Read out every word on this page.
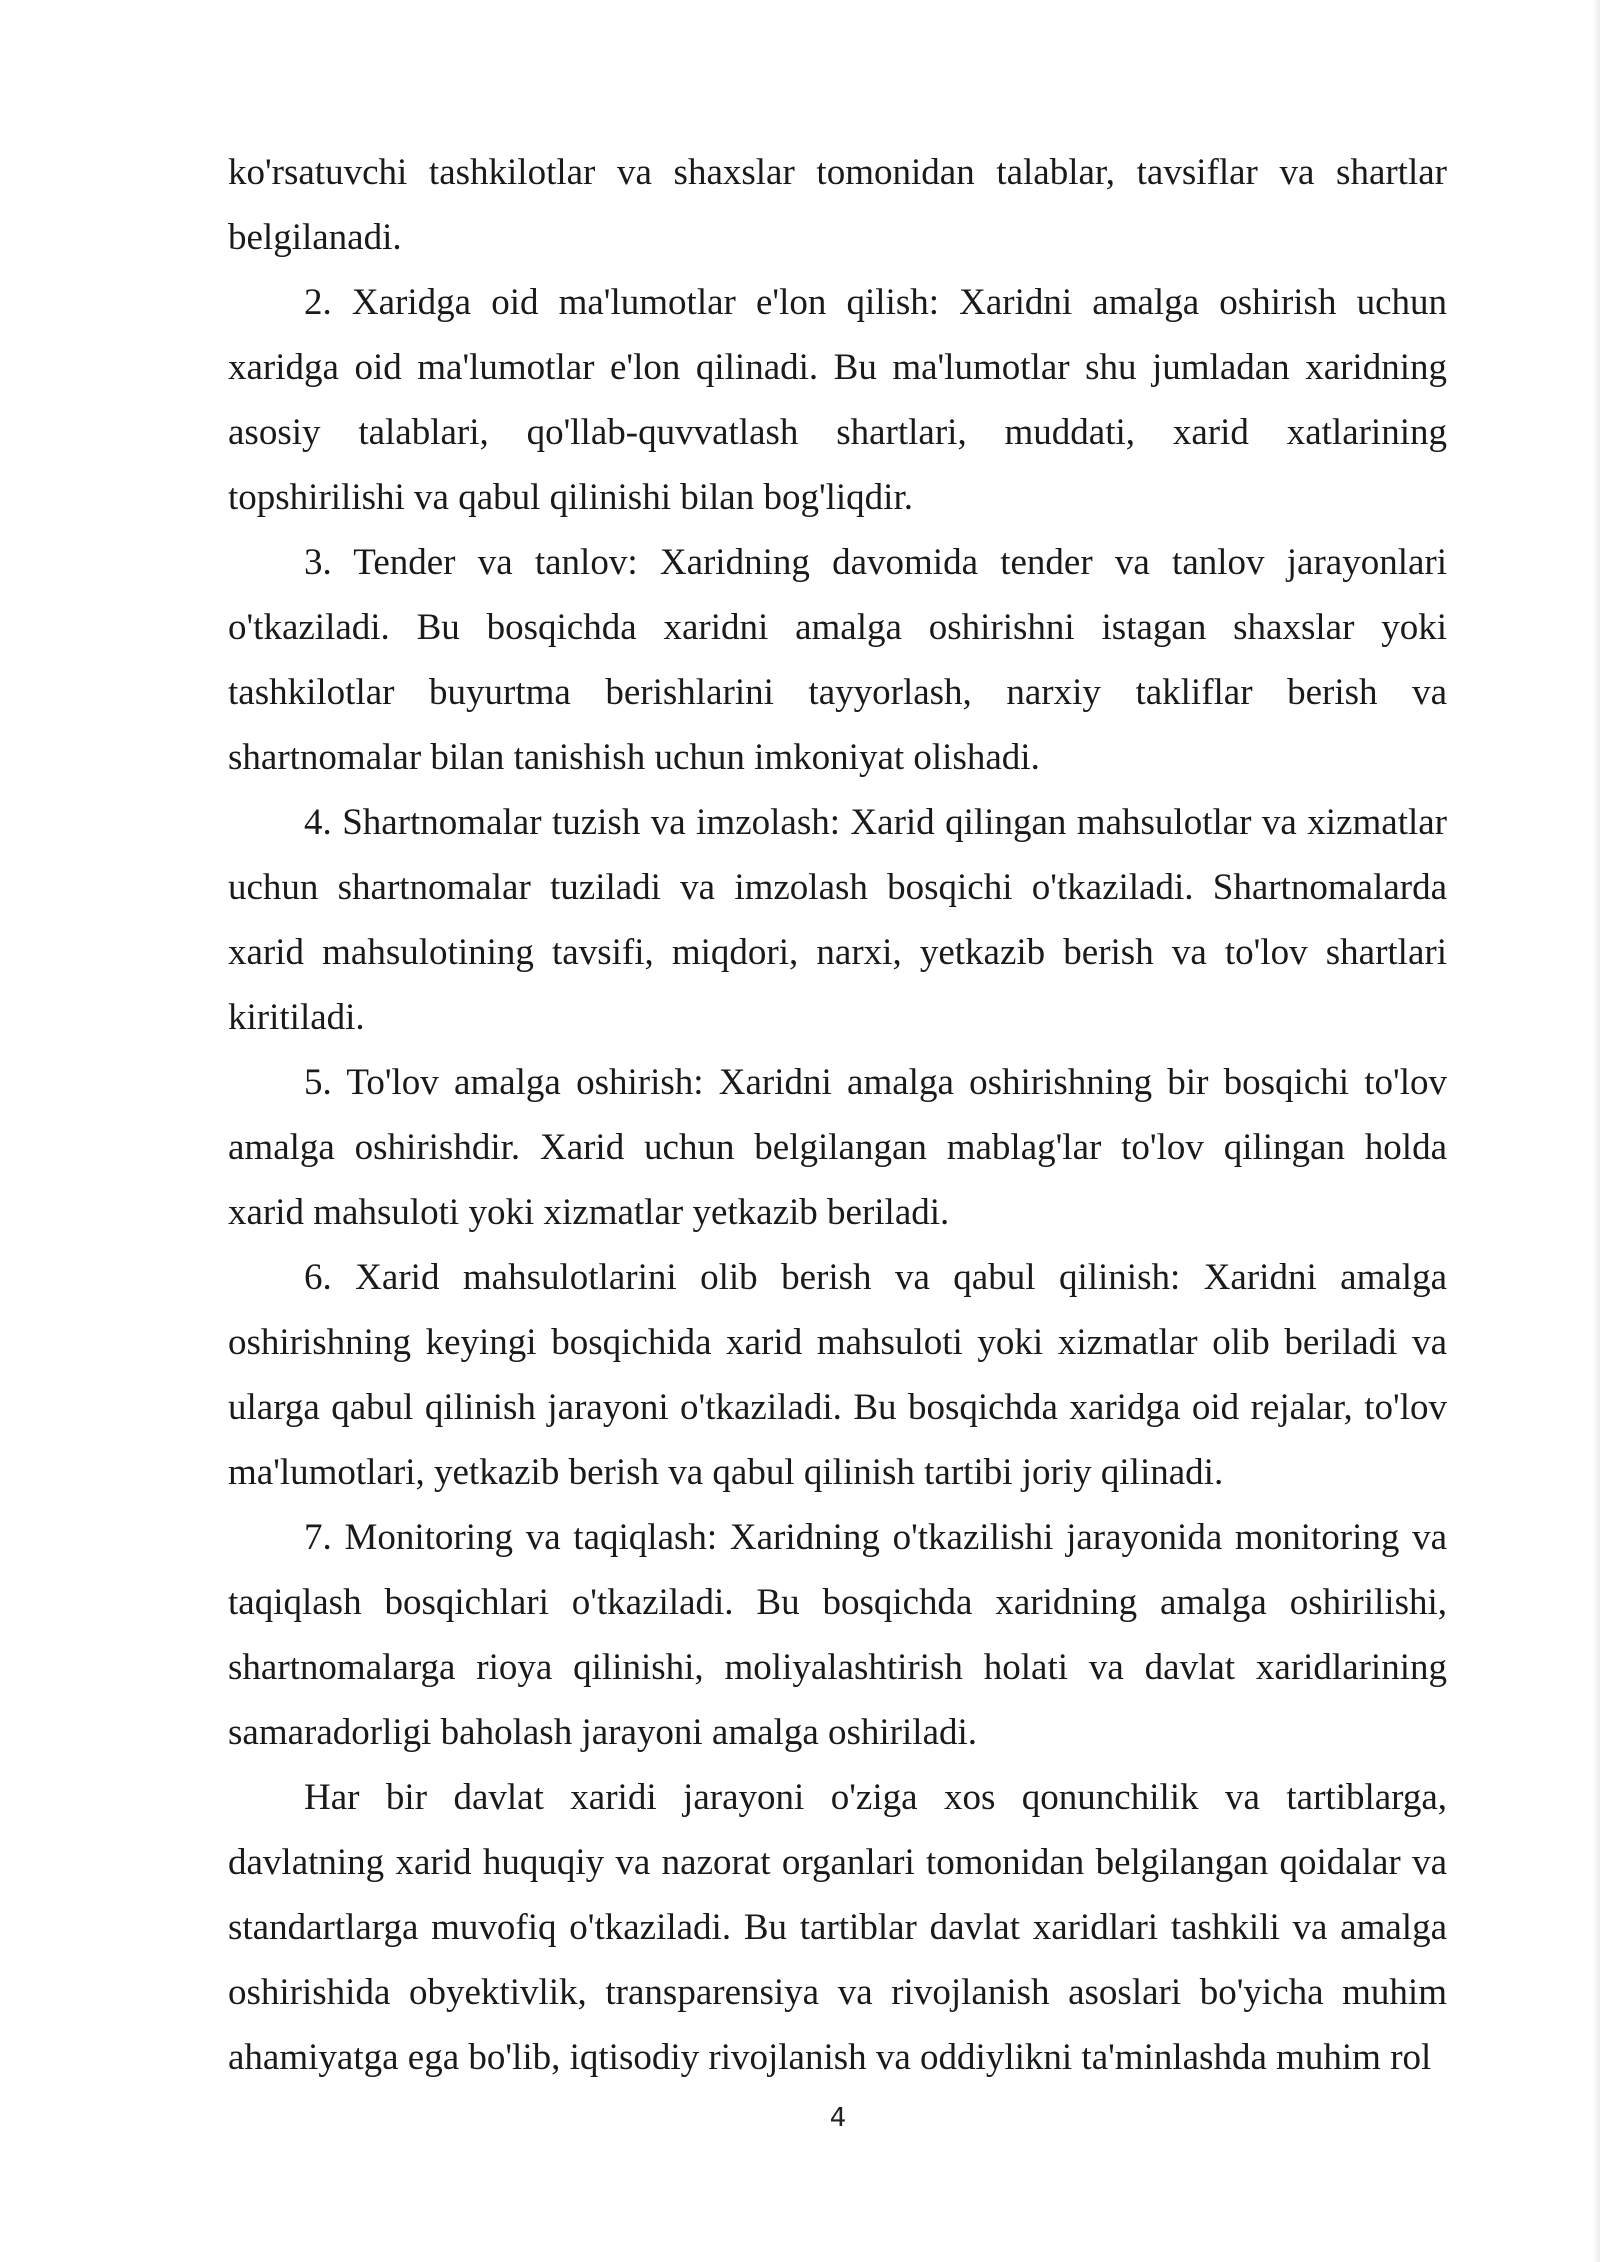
ko'rsatuvchi tashkilotlar va shaxslar tomonidan talablar, tavsiflar va shartlar belgilanadi.

2. Xaridga oid ma'lumotlar e'lon qilish: Xaridni amalga oshirish uchun xaridga oid ma'lumotlar e'lon qilinadi. Bu ma'lumotlar shu jumladan xaridning asosiy talablari, qo'llab-quvvatlash shartlari, muddati, xarid xatlarining topshirilishi va qabul qilinishi bilan bog'liqdir.

3. Tender va tanlov: Xaridning davomida tender va tanlov jarayonlari o'tkaziladi. Bu bosqichda xaridni amalga oshirishni istagan shaxslar yoki tashkilotlar buyurtma berishlarini tayyorlash, narxiy takliflar berish va shartnomalar bilan tanishish uchun imkoniyat olishadi.

4. Shartnomalar tuzish va imzolash: Xarid qilingan mahsulotlar va xizmatlar uchun shartnomalar tuziladi va imzolash bosqichi o'tkaziladi. Shartnomalarda xarid mahsulotining tavsifi, miqdori, narxi, yetkazib berish va to'lov shartlari kiritiladi.

5. To'lov amalga oshirish: Xaridni amalga oshirishning bir bosqichi to'lov amalga oshirishdir. Xarid uchun belgilangan mablag'lar to'lov qilingan holda xarid mahsuloti yoki xizmatlar yetkazib beriladi.

6. Xarid mahsulotlarini olib berish va qabul qilinish: Xaridni amalga oshirishning keyingi bosqichida xarid mahsuloti yoki xizmatlar olib beriladi va ularga qabul qilinish jarayoni o'tkaziladi. Bu bosqichda xaridga oid rejalar, to'lov ma'lumotlari, yetkazib berish va qabul qilinish tartibi joriy qilinadi.

7. Monitoring va taqiqlash: Xaridning o'tkazilishi jarayonida monitoring va taqiqlash bosqichlari o'tkaziladi. Bu bosqichda xaridning amalga oshirilishi, shartnomalarga rioya qilinishi, moliyalashtirish holati va davlat xaridlarining samaradorligi baholash jarayoni amalga oshiriladi.

Har bir davlat xaridi jarayoni o'ziga xos qonunchilik va tartiblarga, davlatning xarid huquqiy va nazorat organlari tomonidan belgilangan qoidalar va standartlarga muvofiq o'tkaziladi. Bu tartiblar davlat xaridlari tashkili va amalga oshirishida obyektivlik, transparensiya va rivojlanish asoslari bo'yicha muhim ahamiyatga ega bo'lib, iqtisodiy rivojlanish va oddiylikni ta'minlashda muhim rol

4
